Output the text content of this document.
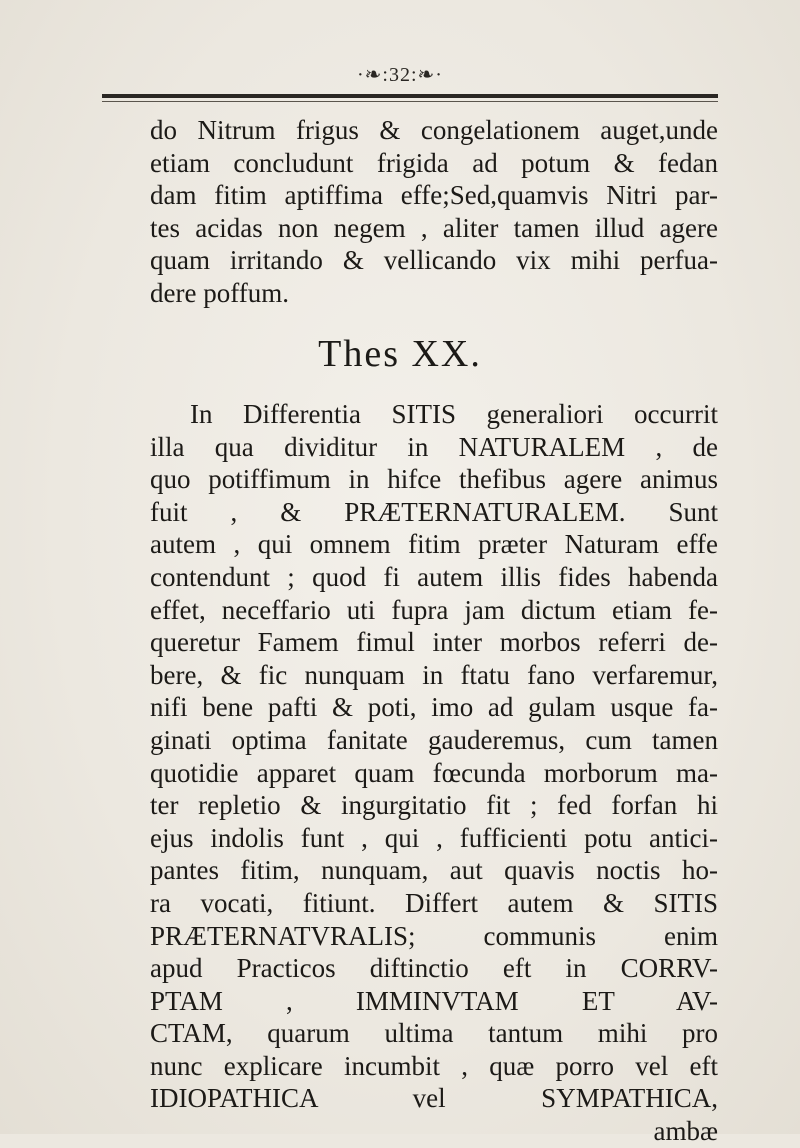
·❧:32:❧·
do Nitrum frigus & congelationem auget,unde
etiam concludunt frigida ad potum & fedan
dam fitim aptiffima effe;Sed,quamvis Nitri par-
tes acidas non negem , aliter tamen illud agere
quam irritando & vellicando vix mihi perfua-
dere poffum.
Thes XX.
In Differentia SITIS generaliori occurrit
illa qua dividitur in NATURALEM , de
quo potiffimum in hifce thefibus agere animus
fuit , & PRÆTERNATURALEM. Sunt
autem , qui omnem fitim præter Naturam effe
contendunt ; quod fi autem illis fides habenda
effet, neceffario uti fupra jam dictum etiam fe-
queretur Famem fimul inter morbos referri de-
bere, & fic nunquam in ftatu fano verfaremur,
nifi bene pafti & poti, imo ad gulam usque fa-
ginati optima fanitate gauderemus, cum tamen
quotidie apparet quam fœcunda morborum ma-
ter repletio & ingurgitatio fit ; fed forfan hi
ejus indolis funt , qui , fufficienti potu antici-
pantes fitim, nunquam, aut quavis noctis ho-
ra vocati, fitiunt. Differt autem & SITIS
PRÆTERNATVRALIS; communis enim
apud Practicos diftinctio eft in CORRV-
PTAM , IMMINVTAM ET AV-
CTAM, quarum ultima tantum mihi pro
nunc explicare incumbit , quæ porro vel eft
IDIOPATHICA vel SYMPATHICA,
ambæ
